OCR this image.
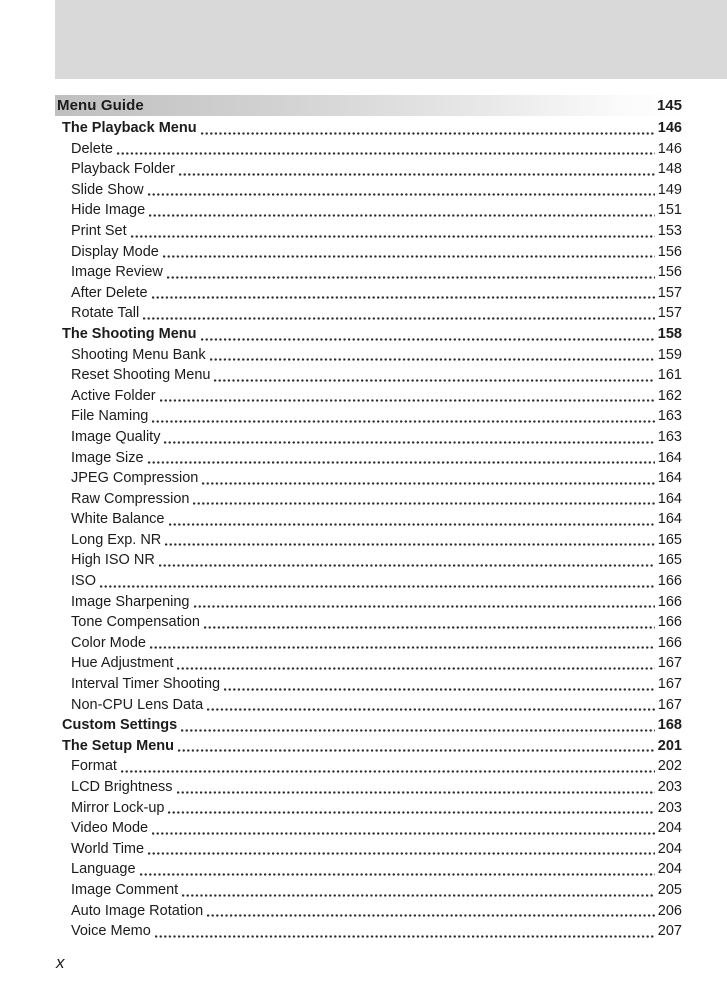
Menu Guide	145
The Playback Menu	146
Delete	146
Playback Folder	148
Slide Show	149
Hide Image	151
Print Set	153
Display Mode	156
Image Review	156
After Delete	157
Rotate Tall	157
The Shooting Menu	158
Shooting Menu Bank	159
Reset Shooting Menu	161
Active Folder	162
File Naming	163
Image Quality	163
Image Size	164
JPEG Compression	164
Raw Compression	164
White Balance	164
Long Exp. NR	165
High ISO NR	165
ISO	166
Image Sharpening	166
Tone Compensation	166
Color Mode	166
Hue Adjustment	167
Interval Timer Shooting	167
Non-CPU Lens Data	167
Custom Settings	168
The Setup Menu	201
Format	202
LCD Brightness	203
Mirror Lock-up	203
Video Mode	204
World Time	204
Language	204
Image Comment	205
Auto Image Rotation	206
Voice Memo	207
x
